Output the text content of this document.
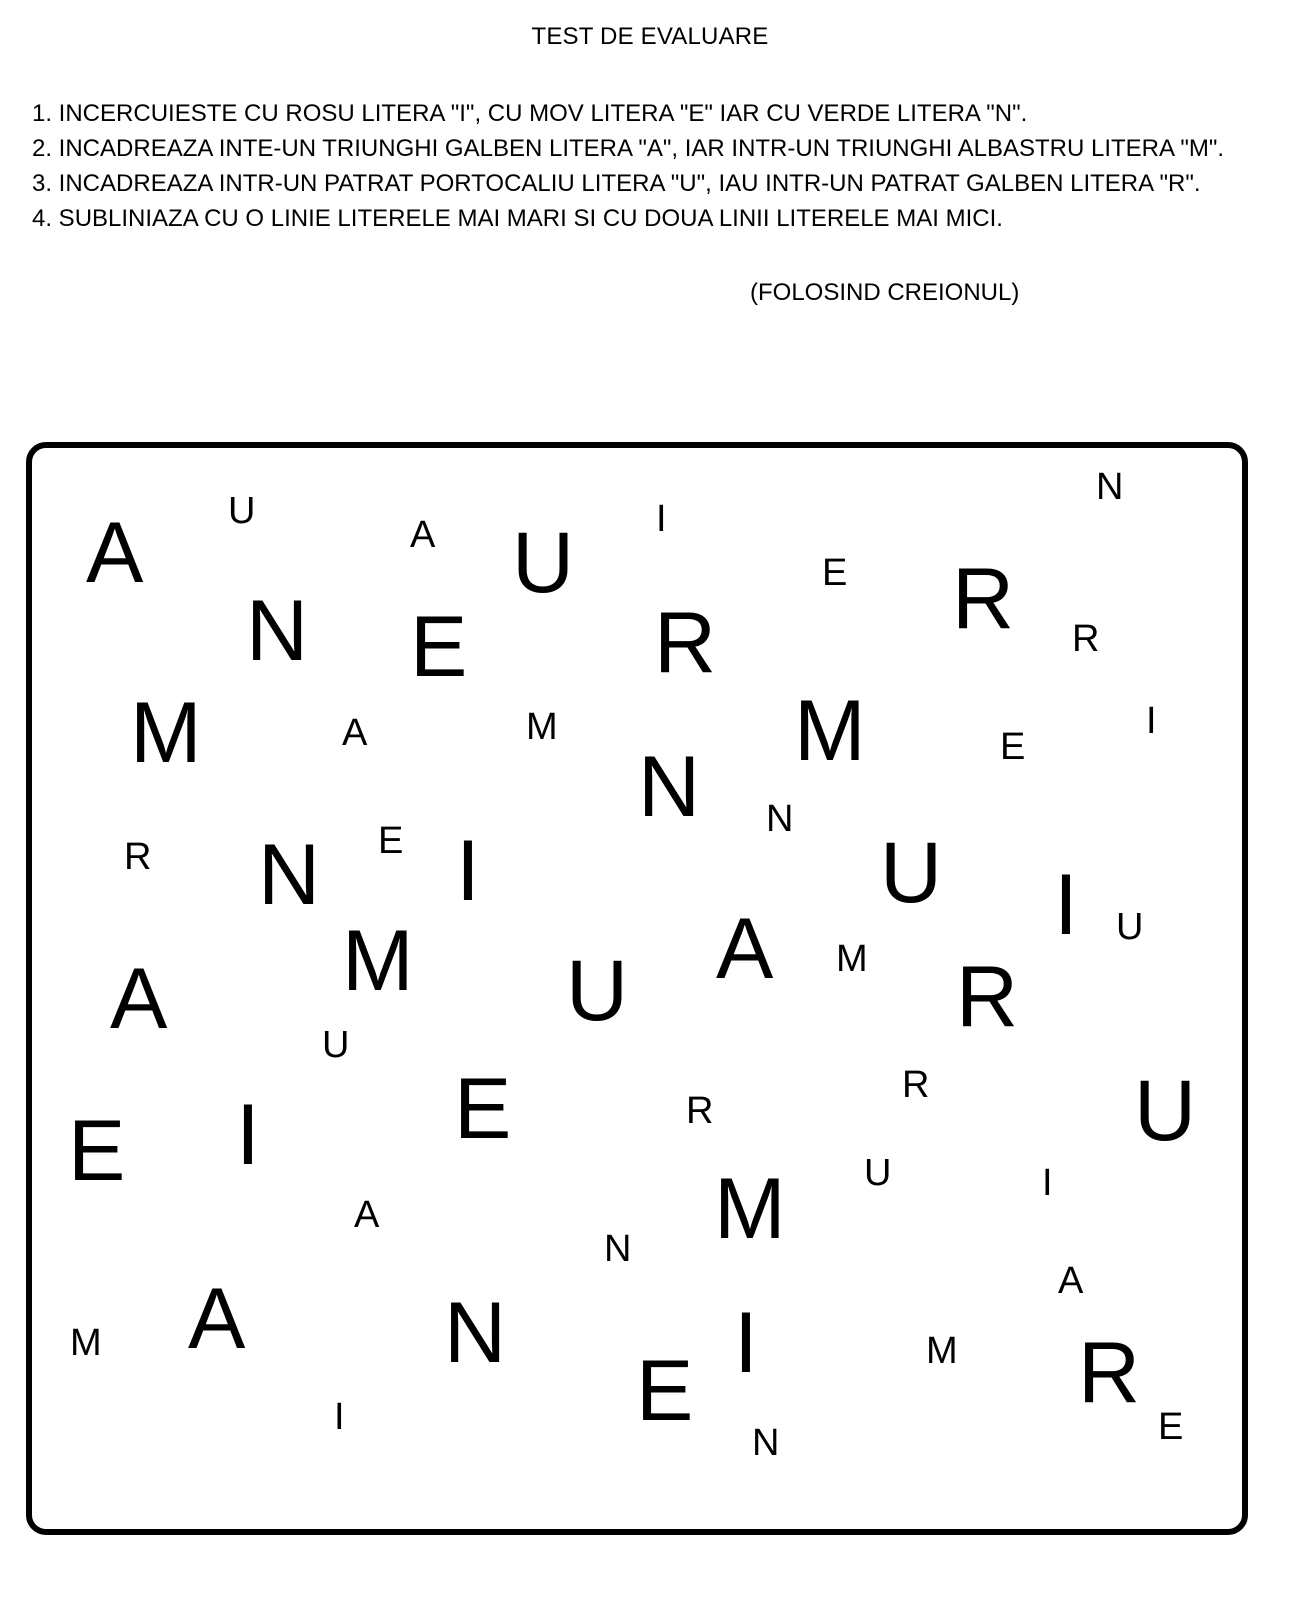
TEST DE EVALUARE
1. INCERCUIESTE CU ROSU LITERA "I", CU MOV LITERA "E" IAR CU VERDE LITERA "N".
2. INCADREAZA INTE-UN TRIUNGHI GALBEN LITERA "A", IAR INTR-UN TRIUNGHI ALBASTRU LITERA "M".
3. INCADREAZA INTR-UN PATRAT PORTOCALIU LITERA "U", IAU INTR-UN PATRAT GALBEN LITERA "R".
4. SUBLINIAZA CU O LINIE LITERELE MAI MARI SI CU DOUA LINII LITERELE MAI MICI.
(FOLOSIND CREIONUL)
A U
A U I
N
E R
N E R	R
M	A	M	M	I
E
N N
R N E I	U I U
A
M U
A	M R
U
E	E
I	R
R U
U	I
A	M
N
A
M A N	I	M R
I	E
N	E
